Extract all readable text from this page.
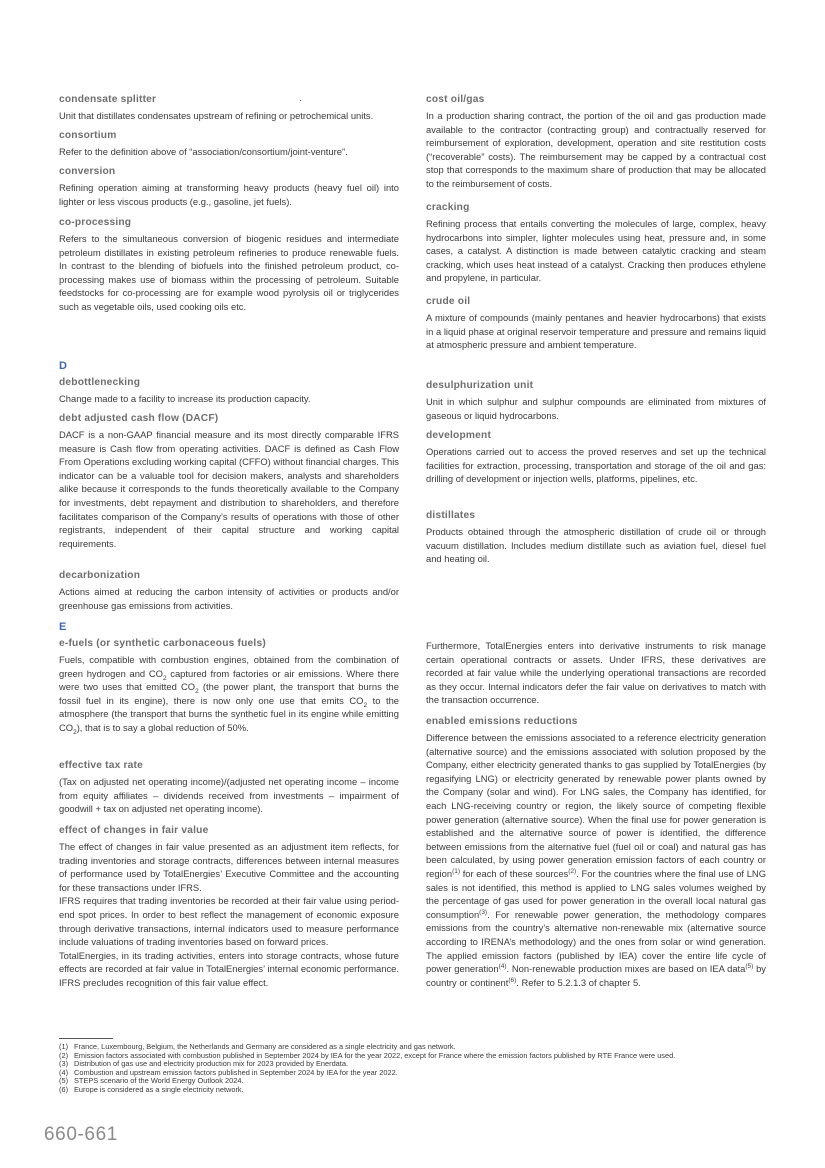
condensate splitter
Unit that distillates condensates upstream of refining or petrochemical units.
consortium
Refer to the definition above of “association/consortium/joint-venture”.
conversion
Refining operation aiming at transforming heavy products (heavy fuel oil) into lighter or less viscous products (e.g., gasoline, jet fuels).
co-processing
Refers to the simultaneous conversion of biogenic residues and intermediate petroleum distillates in existing petroleum refineries to produce renewable fuels. In contrast to the blending of biofuels into the finished petroleum product, co-processing makes use of biomass within the processing of petroleum. Suitable feedstocks for co-processing are for example wood pyrolysis oil or triglycerides such as vegetable oils, used cooking oils etc.
D
debottlenecking
Change made to a facility to increase its production capacity.
debt adjusted cash flow (DACF)
DACF is a non-GAAP financial measure and its most directly comparable IFRS measure is Cash flow from operating activities. DACF is defined as Cash Flow From Operations excluding working capital (CFFO) without financial charges. This indicator can be a valuable tool for decision makers, analysts and shareholders alike because it corresponds to the funds theoretically available to the Company for investments, debt repayment and distribution to shareholders, and therefore facilitates comparison of the Company’s results of operations with those of other registrants, independent of their capital structure and working capital requirements.
decarbonization
Actions aimed at reducing the carbon intensity of activities or products and/or greenhouse gas emissions from activities.
E
e-fuels (or synthetic carbonaceous fuels)
Fuels, compatible with combustion engines, obtained from the combination of green hydrogen and $CO_2$ captured from factories or air emissions. Where there were two uses that emitted $CO_2$ (the power plant, the transport that burns the fossil fuel in its engine), there is now only one use that emits $CO_2$ to the atmosphere (the transport that burns the synthetic fuel in its engine while emitting $CO_2$), that is to say a global reduction of 50%.
effective tax rate
(Tax on adjusted net operating income)/(adjusted net operating income – income from equity affiliates – dividends received from investments – impairment of goodwill + tax on adjusted net operating income).
effect of changes in fair value

The effect of changes in fair value presented as an adjustment item reflects, for trading inventories and storage contracts, differences between internal measures of performance used by TotalEnergies’ Executive Committee and the accounting for these transactions under IFRS.

IFRS requires that trading inventories be recorded at their fair value using period-end spot prices. In order to best reflect the management of economic exposure through derivative transactions, internal indicators used to measure performance include valuations of trading inventories based on forward prices.

TotalEnergies, in its trading activities, enters into storage contracts, whose future effects are recorded at fair value in TotalEnergies’ internal economic performance. IFRS precludes recognition of this fair value effect.

cost oil/gas
In a production sharing contract, the portion of the oil and gas production made available to the contractor (contracting group) and contractually reserved for reimbursement of exploration, development, operation and site restitution costs (“recoverable” costs). The reimbursement may be capped by a contractual cost stop that corresponds to the maximum share of production that may be allocated to the reimbursement of costs.
cracking
Refining process that entails converting the molecules of large, complex, heavy hydrocarbons into simpler, lighter molecules using heat, pressure and, in some cases, a catalyst. A distinction is made between catalytic cracking and steam cracking, which uses heat instead of a catalyst. Cracking then produces ethylene and propylene, in particular.
crude oil
A mixture of compounds (mainly pentanes and heavier hydrocarbons) that exists in a liquid phase at original reservoir temperature and pressure and remains liquid at atmospheric pressure and ambient temperature.
desulphurization unit
Unit in which sulphur and sulphur compounds are eliminated from mixtures of gaseous or liquid hydrocarbons.
development
Operations carried out to access the proved reserves and set up the technical facilities for extraction, processing, transportation and storage of the oil and gas: drilling of development or injection wells, platforms, pipelines, etc.
distillates
Products obtained through the atmospheric distillation of crude oil or through vacuum distillation. Includes medium distillate such as aviation fuel, diesel fuel and heating oil.
Furthermore, TotalEnergies enters into derivative instruments to risk manage certain operational contracts or assets. Under IFRS, these derivatives are recorded at fair value while the underlying operational transactions are recorded as they occur. Internal indicators defer the fair value on derivatives to match with the transaction occurrence.
enabled emissions reductions
Difference between the emissions associated to a reference electricity generation (alternative source) and the emissions associated with solution proposed by the Company, either electricity generated thanks to gas supplied by TotalEnergies (by regasifying LNG) or electricity generated by renewable power plants owned by the Company (solar and wind). For LNG sales, the Company has identified, for each LNG-receiving country or region, the likely source of competing flexible power generation (alternative source). When the final use for power generation is established and the alternative source of power is identified, the difference between emissions from the alternative fuel (fuel oil or coal) and natural gas has been calculated, by using power generation emission factors of each country or region$^{(1)}$ for each of these sources$^{(2)}$. For the countries where the final use of LNG sales is not identified, this method is applied to LNG sales volumes weighed by the percentage of gas used for power generation in the overall local natural gas consumption$^{(3)}$. For renewable power generation, the methodology compares emissions from the country’s alternative non-renewable mix (alternative source according to IRENA’s methodology) and the ones from solar or wind generation. The applied emission factors (published by IEA) cover the entire life cycle of power generation$^{(4)}$. Non-renewable production mixes are based on IEA data$^{(5)}$ by country or continent$^{(6)}$. Refer to 5.2.1.3 of chapter 5.
(1) France, Luxembourg, Belgium, the Netherlands and Germany are considered as a single electricity and gas network.
(2) Emission factors associated with combustion published in September 2024 by IEA for the year 2022, except for France where the emission factors published by RTE France were used.
(3) Distribution of gas use and electricity production mix for 2023 provided by Enerdata.
(4) Combustion and upstream emission factors published in September 2024 by IEA for the year 2022.
(5) STEPS scenario of the World Energy Outlook 2024.
(6) Europe is considered as a single electricity network.
660-661
